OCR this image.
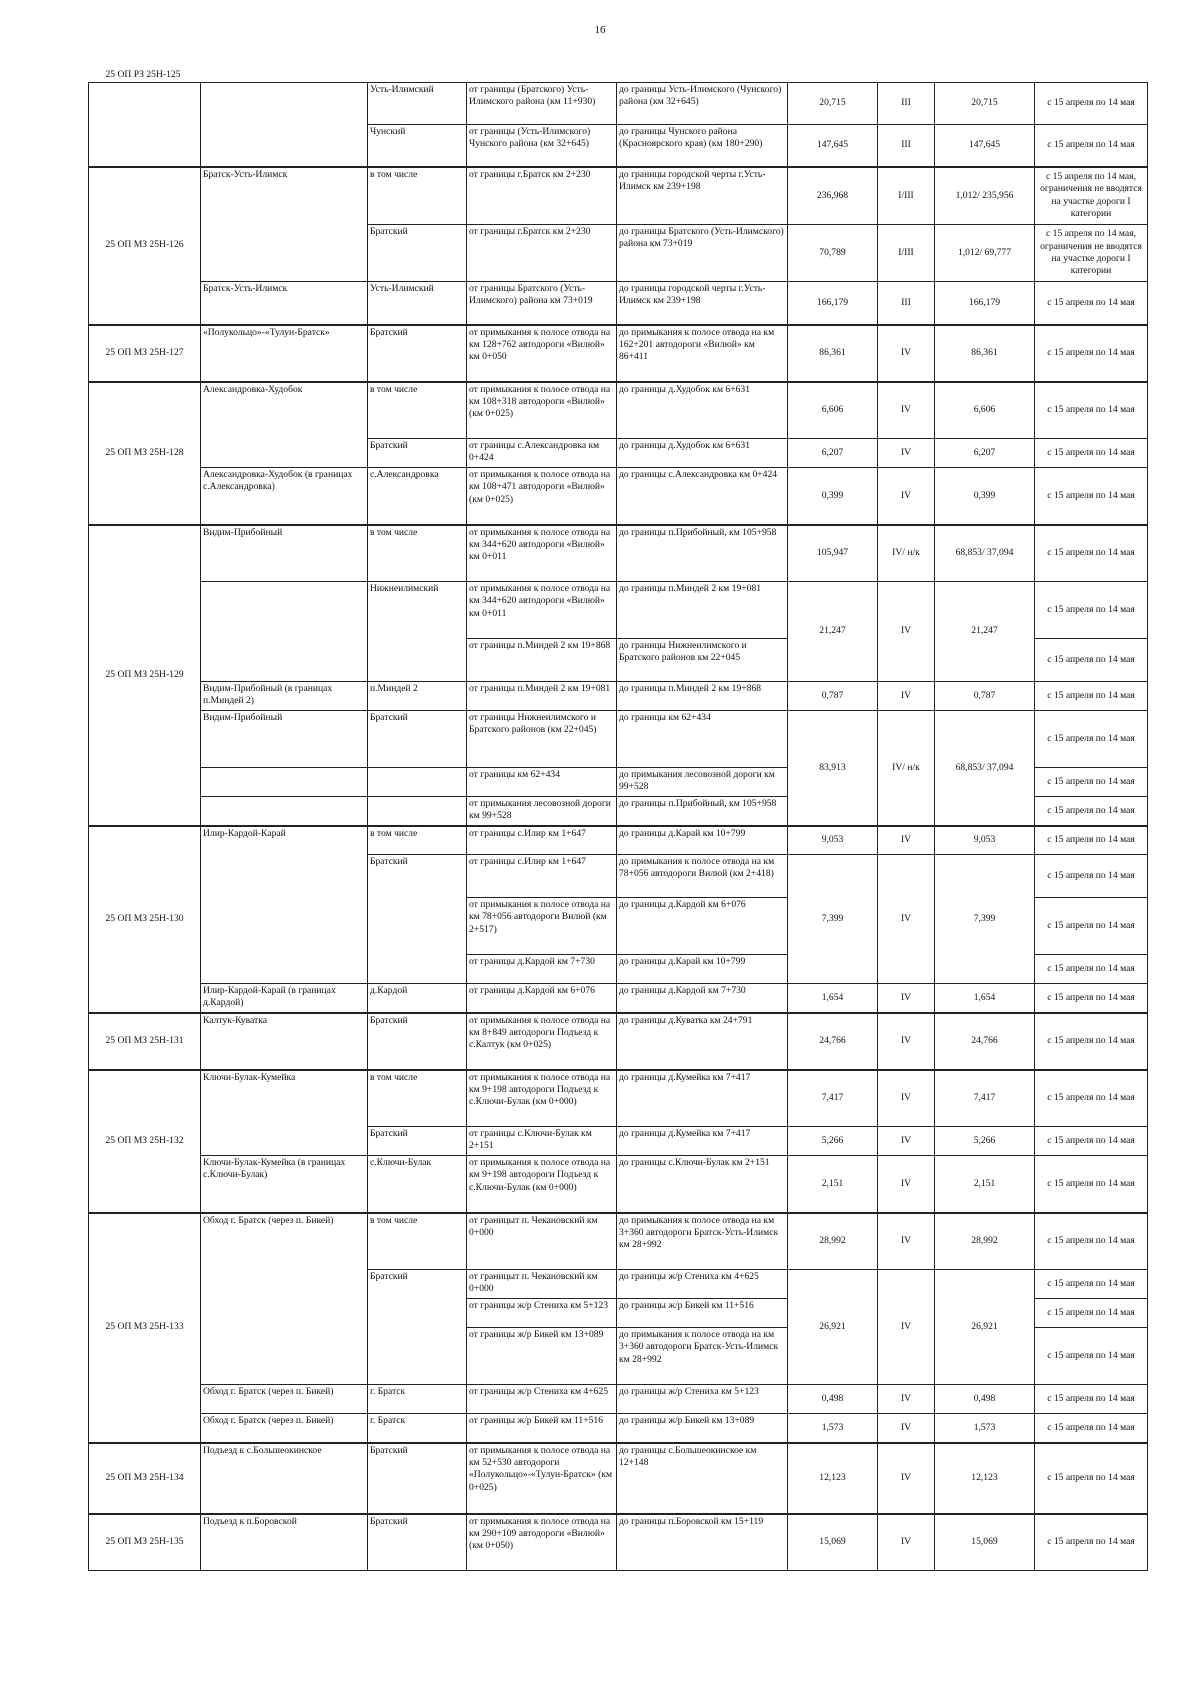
16
25 ОП РЗ 25Н-125
		Усть-Илимский	от границы (Братского) Усть-Илимского района (км 11+930)	до границы Усть-Илимского (Чунского) района (км 32+645)	20,715	III	20,715	с 15 апреля по 14 мая
		Чунский	от границы (Усть-Илимского) Чунского района (км 32+645)	до границы Чунского района (Красноярского края) (км 180+290)	147,645	III	147,645	с 15 апреля по 14 мая
25 ОП МЗ 25Н-126	Братск-Усть-Илимск	в том числе	от границы г.Братск км 2+230	до границы городской черты г.Усть-Илимск км 239+198	236,968	I/III	1,012/ 235,956	с 15 апреля по 14 мая, ограничения не вводятся на участке дороги I категории
		Братский	от границы г.Братск км 2+230	до границы Братского (Усть-Илимского) района км 73+019	70,789	I/III	1,012/ 69,777	с 15 апреля по 14 мая, ограничения не вводятся на участке дороги I категории
	Братск-Усть-Илимск	Усть-Илимский	от границы Братского (Усть-Илимского) района км 73+019	до границы городской черты г.Усть-Илимск км 239+198	166,179	III	166,179	с 15 апреля по 14 мая
25 ОП МЗ 25Н-127	«Полукольцо»-«Тулун-Братск»	Братский	от примыкания к полосе отвода на км 128+762 автодороги «Вилюй» км 0+050	до примыкания к полосе отвода на км 162+201 автодороги «Вилюй» км 86+411	86,361	IV	86,361	с 15 апреля по 14 мая
25 ОП МЗ 25Н-128	Александровка-Худобок	в том числе	от примыкания к полосе отвода на км 108+318 автодороги «Вилюй» (км 0+025)	до границы д.Худобок км 6+631	6,606	IV	6,606	с 15 апреля по 14 мая
		Братский	от границы с.Александровка км 0+424	до границы д.Худобок км 6+631	6,207	IV	6,207	с 15 апреля по 14 мая
	Александровка-Худобок (в границах с.Александровка)	с.Александровка	от примыкания к полосе отвода на км 108+471 автодороги «Вилюй» (км 0+025)	до границы с.Александровка км 0+424	0,399	IV	0,399	с 15 апреля по 14 мая
25 ОП МЗ 25Н-129	Видим-Прибойный	в том числе	от примыкания к полосе отвода на км 344+620 автодороги «Вилюй» км 0+011	до границы п.Прибойный, км 105+958	105,947	IV/ н/к	68,853/ 37,094	с 15 апреля по 14 мая
		Нижнеилимский	от примыкания к полосе отвода на км 344+620 автодороги «Вилюй» км 0+011	до границы п.Миндей 2 км 19+081	21,247	IV	21,247	с 15 апреля по 14 мая
			от границы п.Миндей 2 км 19+868	до границы Нижнеилимского и Братского районов км 22+045				с 15 апреля по 14 мая
	Видим-Прибойный (в границах п.Миндей 2)	п.Миндей 2	от границы п.Миндей 2 км 19+081	до границы п.Миндей 2 км 19+868	0,787	IV	0,787	с 15 апреля по 14 мая
	Видим-Прибойный	Братский	от границы Нижнеилимского и Братского районов (км 22+045)	до границы км 62+434	83,913	IV/ н/к	68,853/ 37,094	с 15 апреля по 14 мая
			от границы км 62+434	до примыкания лесовозной дороги км 99+528				с 15 апреля по 14 мая
			от примыкания лесовозной дороги км 99+528	до границы п.Прибойный, км 105+958				с 15 апреля по 14 мая
25 ОП МЗ 25Н-130	Илир-Кардой-Карай	в том числе	от границы с.Илир км 1+647	до границы д.Карай км 10+799	9,053	IV	9,053	с 15 апреля по 14 мая
		Братский	от границы с.Илир км 1+647	до примыкания к полосе отвода на км 78+056 автодороги Вилюй (км 2+418)	7,399	IV	7,399	с 15 апреля по 14 мая
			от примыкания к полосе отвода на км 78+056 автодороги Вилюй (км 2+517)	до границы д.Кардой км 6+076				с 15 апреля по 14 мая
			от границы д.Кардой км 7+730	до границы д.Карай км 10+799				с 15 апреля по 14 мая
	Илир-Кардой-Карай (в границах д.Кардой)	д.Кардой	от границы д.Кардой км 6+076	до границы д.Кардой км 7+730	1,654	IV	1,654	с 15 апреля по 14 мая
25 ОП МЗ 25Н-131	Калтук-Куватка	Братский	от примыкания к полосе отвода на км 8+849 автодороги Подъезд к с.Калтук (км 0+025)	до границы д.Куватка км 24+791	24,766	IV	24,766	с 15 апреля по 14 мая
25 ОП МЗ 25Н-132	Ключи-Булак-Кумейка	в том числе	от примыкания к полосе отвода на км 9+198 автодороги Подъезд к с.Ключи-Булак (км 0+000)	до границы д.Кумейка км 7+417	7,417	IV	7,417	с 15 апреля по 14 мая
		Братский	от границы с.Ключи-Булак км 2+151	до границы д.Кумейка км 7+417	5,266	IV	5,266	с 15 апреля по 14 мая
	Ключи-Булак-Кумейка (в границах с.Ключи-Булак)	с.Ключи-Булак	от примыкания к полосе отвода на км 9+198 автодороги Подъезд к с.Ключи-Булак (км 0+000)	до границы с.Ключи-Булак км 2+151	2,151	IV	2,151	с 15 апреля по 14 мая
25 ОП МЗ 25Н-133	Обход г. Братск (через п. Бикей)	в том числе	от границыт п. Чекановский км 0+000	до примыкания к полосе отвода на км 3+360 автодороги Братск-Усть-Илимск км 28+992	28,992	IV	28,992	с 15 апреля по 14 мая
		Братский	от границыт п. Чекановский км 0+000	до границы ж/р Стениха км 4+625	26,921	IV	26,921	с 15 апреля по 14 мая
			от границы ж/р Стениха км 5+123	до границы ж/р Бикей км 11+516				с 15 апреля по 14 мая
			от границы ж/р Бикей км 13+089	до примыкания к полосе отвода на км 3+360 автодороги Братск-Усть-Илимск км 28+992				с 15 апреля по 14 мая
	Обход г. Братск (через п. Бикей)	г. Братск	от границы ж/р Стениха км 4+625	до границы ж/р Стениха км 5+123	0,498	IV	0,498	с 15 апреля по 14 мая
	Обход г. Братск (через п. Бикей)	г. Братск	от границы ж/р Бикей км 11+516	до границы ж/р Бикей км 13+089	1,573	IV	1,573	с 15 апреля по 14 мая
25 ОП МЗ 25Н-134	Подъезд к с.Большеокинское	Братский	от примыкания к полосе отвода на км 52+530 автодороги «Полукольцо»-«Тулун-Братск» (км 0+025)	до границы с.Большеокинское км 12+148	12,123	IV	12,123	с 15 апреля по 14 мая
25 ОП МЗ 25Н-135	Подъезд к п.Боровской	Братский	от примыкания к полосе отвода на км 290+109 автодороги «Вилюй» (км 0+050)	до границы п.Боровской км 15+119	15,069	IV	15,069	с 15 апреля по 14 мая
